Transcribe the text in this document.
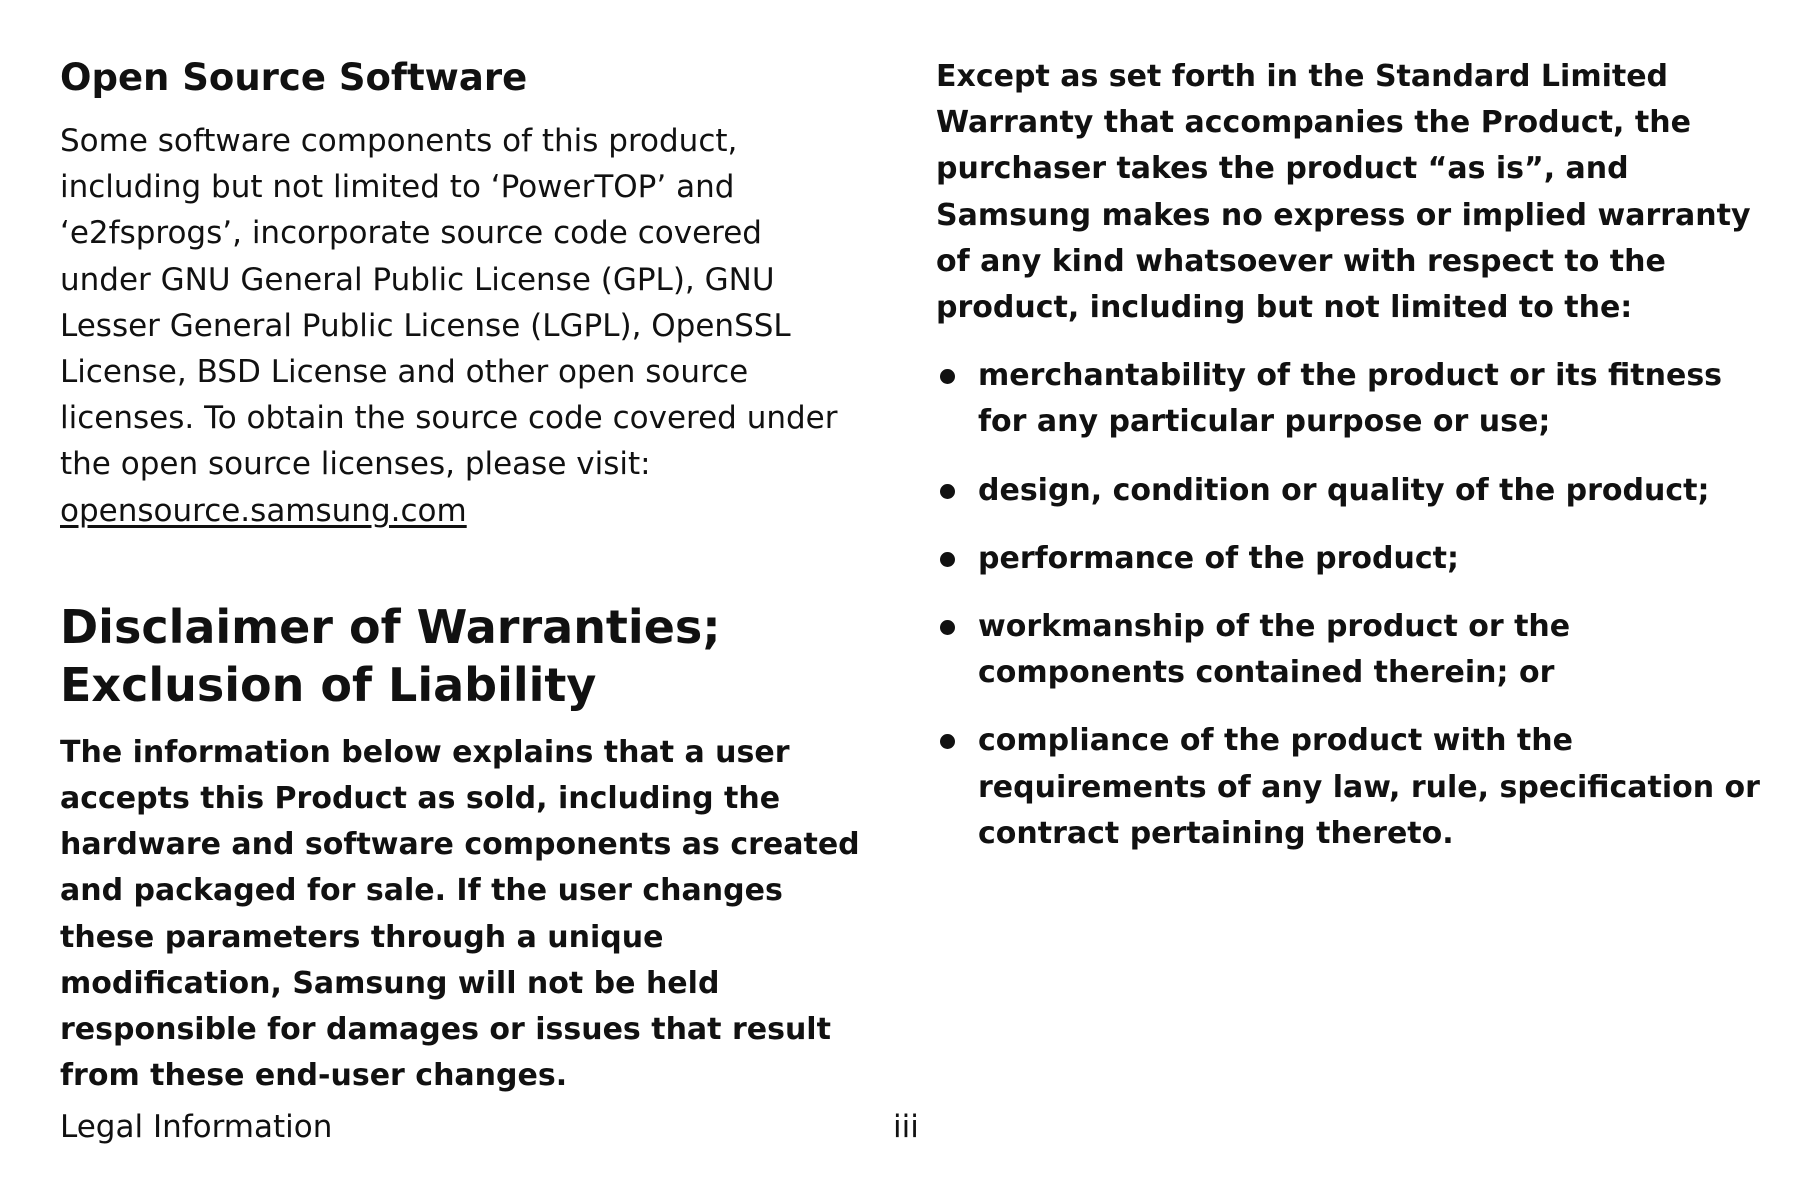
Open Source Software

Some software components of this product, including but not limited to ‘PowerTOP’ and ‘e2fsprogs’, incorporate source code covered under GNU General Public License (GPL), GNU Lesser General Public License (LGPL), OpenSSL License, BSD License and other open source licenses. To obtain the source code covered under the open source licenses, please visit:
opensource.samsung.com

Disclaimer of Warranties; Exclusion of Liability

The information below explains that a user accepts this Product as sold, including the hardware and software components as created and packaged for sale. If the user changes these parameters through a unique modification, Samsung will not be held responsible for damages or issues that result from these end-user changes.

Except as set forth in the Standard Limited Warranty that accompanies the Product, the purchaser takes the product “as is”, and Samsung makes no express or implied warranty of any kind whatsoever with respect to the product, including but not limited to the:

merchantability of the product or its fitness for any particular purpose or use;
design, condition or quality of the product;
performance of the product;
workmanship of the product or the components contained therein; or
compliance of the product with the requirements of any law, rule, specification or contract pertaining thereto.
Legal Information	iii
